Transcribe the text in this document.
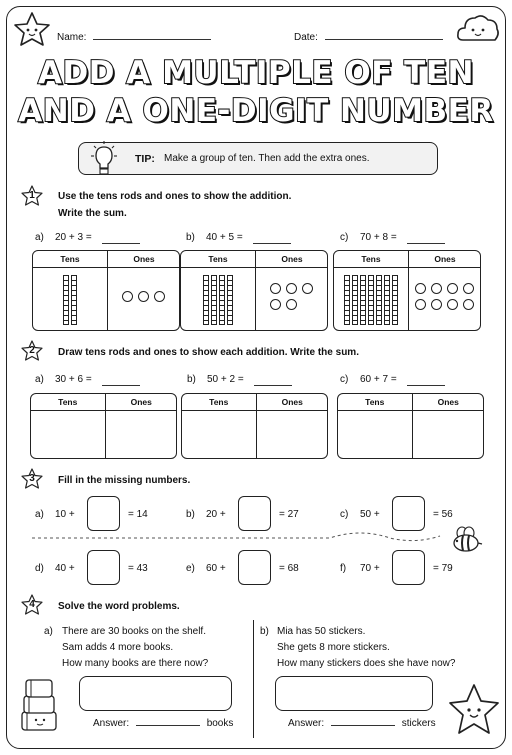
Name:	Date:
ADD A MULTIPLE OF TEN
AND A ONE-DIGIT NUMBER
TIP: Make a group of ten. Then add the extra ones.
1	Use the tens rods and ones to show the addition.
Write the sum.
a) 20 + 3 =
Tens	Ones
b) 40 + 5 =
Tens	Ones
c) 70 + 8 =
Tens	Ones
2	Draw tens rods and ones to show each addition. Write the sum.
a) 30 + 6 =
Tens	Ones
b) 50 + 2 =
Tens	Ones
c) 60 + 7 =
Tens	Ones
3	Fill in the missing numbers.
a) 10 +	= 14	b) 20 +	= 27	c) 50 +	= 56
d) 40 +	= 43	e) 60 +	= 68	f) 70 +	= 79
4	Solve the word problems.
a) There are 30 books on the shelf.
Sam adds 4 more books.
How many books are there now?
Answer:	books
b) Mia has 50 stickers.
She gets 8 more stickers.
How many stickers does she have now?
Answer:	stickers
